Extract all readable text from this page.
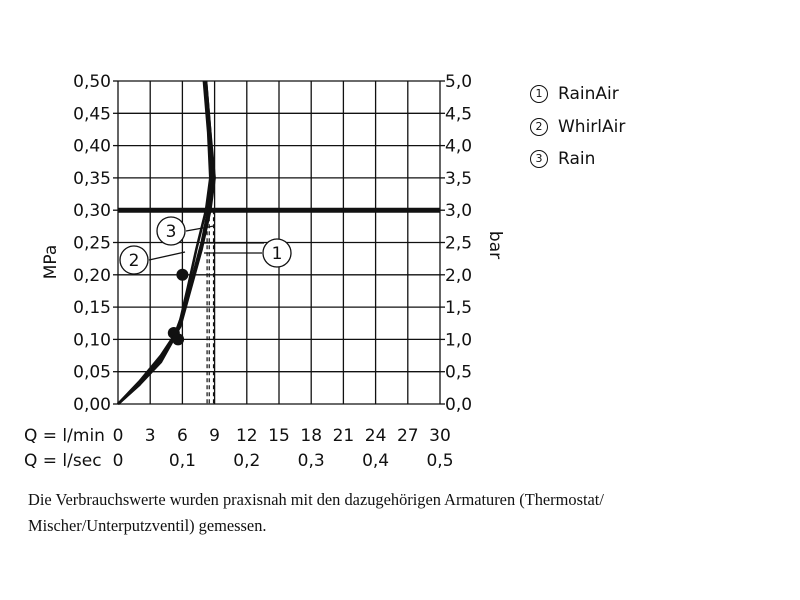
0,00
0,05
0,10
0,15
0,20
0,25
0,30
0,35
0,40
0,45
0,50
0,0
0,5
1,0
1,5
2,0
2,5
3,0
3,5
4,0
4,5
5,0
0 3 6 9 12 15 18 21 24 27 30
0	0,1 0,2 0,3 0,4 0,5
1
2
3
MPa	bar
Q = l/min
Q = l/sec
1 RainAir
2 WhirlAir
3 Rain

Die Verbrauchswerte wurden praxisnah mit den dazugehörigen Armaturen (Thermostat/

Mischer/Unterputzventil) gemessen.
